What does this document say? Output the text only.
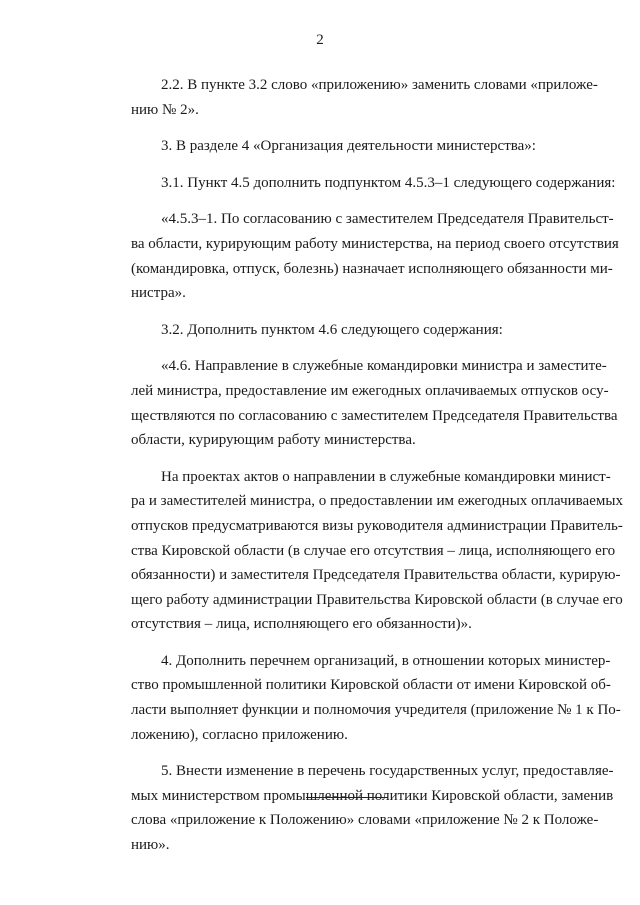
2

2.2. В пункте 3.2 слово «приложению» заменить словами «приложе-
нию № 2».

3. В разделе 4 «Организация деятельности министерства»:

3.1. Пункт 4.5 дополнить подпунктом 4.5.3–1 следующего содержания:

«4.5.3–1. По согласованию с заместителем Председателя Правительст-
ва области, курирующим работу министерства, на период своего отсутствия
(командировка, отпуск, болезнь) назначает исполняющего обязанности ми-
нистра».

3.2. Дополнить пунктом 4.6 следующего содержания:

«4.6. Направление в служебные командировки министра и заместите-
лей министра, предоставление им ежегодных оплачиваемых отпусков осу-
ществляются по согласованию с заместителем Председателя Правительства
области, курирующим работу министерства.

На проектах актов о направлении в служебные командировки минист-
ра и заместителей министра, о предоставлении им ежегодных оплачиваемых
отпусков предусматриваются визы руководителя администрации Правитель-
ства Кировской области (в случае его отсутствия – лица, исполняющего его
обязанности) и заместителя Председателя Правительства области, курирую-
щего работу администрации Правительства Кировской области (в случае его
отсутствия – лица, исполняющего его обязанности)».

4. Дополнить перечнем организаций, в отношении которых министер-
ство промышленной политики Кировской области от имени Кировской об-
ласти выполняет функции и полномочия учредителя (приложение № 1 к По-
ложению), согласно приложению.

5. Внести изменение в перечень государственных услуг, предоставляе-
мых министерством промышленной политики Кировской области, заменив
слова «приложение к Положению» словами «приложение № 2 к Положе-
нию».
